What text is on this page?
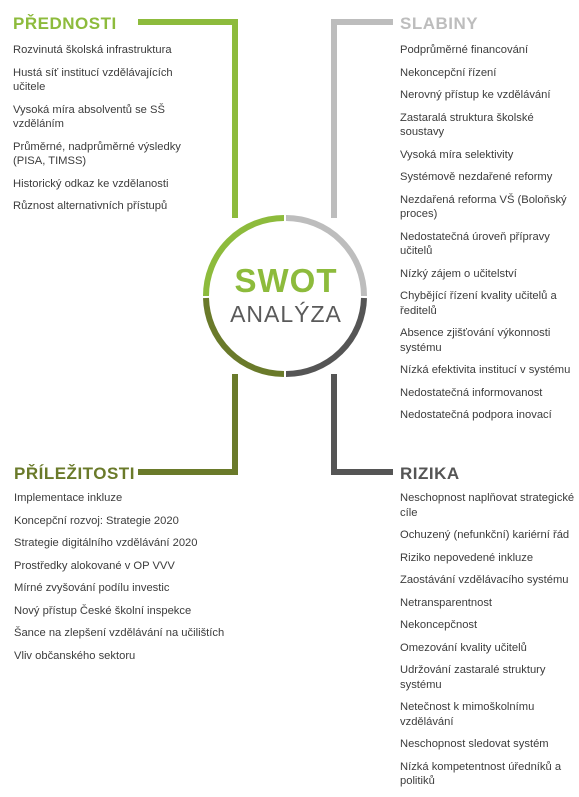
PŘEDNOSTI
Rozvinutá školská infrastruktura
Hustá síť institucí vzdělávajících učitele
Vysoká míra absolventů se SŠ vzděláním
Průměrné, nadprůměrné výsledky (PISA, TIMSS)
Historický odkaz ke vzdělanosti
Různost alternativních přístupů
SLABINY
Podprůměrné financování
Nekoncepční řízení
Nerovný přístup ke vzdělávání
Zastaralá struktura školské soustavy
Vysoká míra selektivity
Systémově nezdařené reformy
Nezdařená reforma VŠ (Boloňský proces)
Nedostatečná úroveň přípravy učitelů
Nízký zájem o učitelství
Chybějící řízení kvality učitelů a ředitelů
Absence zjišťování výkonnosti systému
Nízká efektivita institucí v systému
Nedostatečná informovanost
Nedostatečná podpora inovací
PŘÍLEŽITOSTI
Implementace inkluze
Koncepční rozvoj: Strategie 2020
Strategie digitálního vzdělávání 2020
Prostředky alokované v OP VVV
Mírné zvyšování podílu investic
Nový přístup České školní inspekce
Šance na zlepšení vzdělávání na učilištích
Vliv občanského sektoru
RIZIKA
Neschopnost naplňovat strategické cíle
Ochuzený (nefunkční) kariérní řád
Riziko nepovedené inkluze
Zaostávání vzdělávacího systému
Netransparentnost
Nekoncepčnost
Omezování kvality učitelů
Udržování zastaralé struktury systému
Netečnost k mimoškolnímu vzdělávání
Neschopnost sledovat systém
Nízká kompetentnost úředníků a politiků
SWOT
ANALÝZA
